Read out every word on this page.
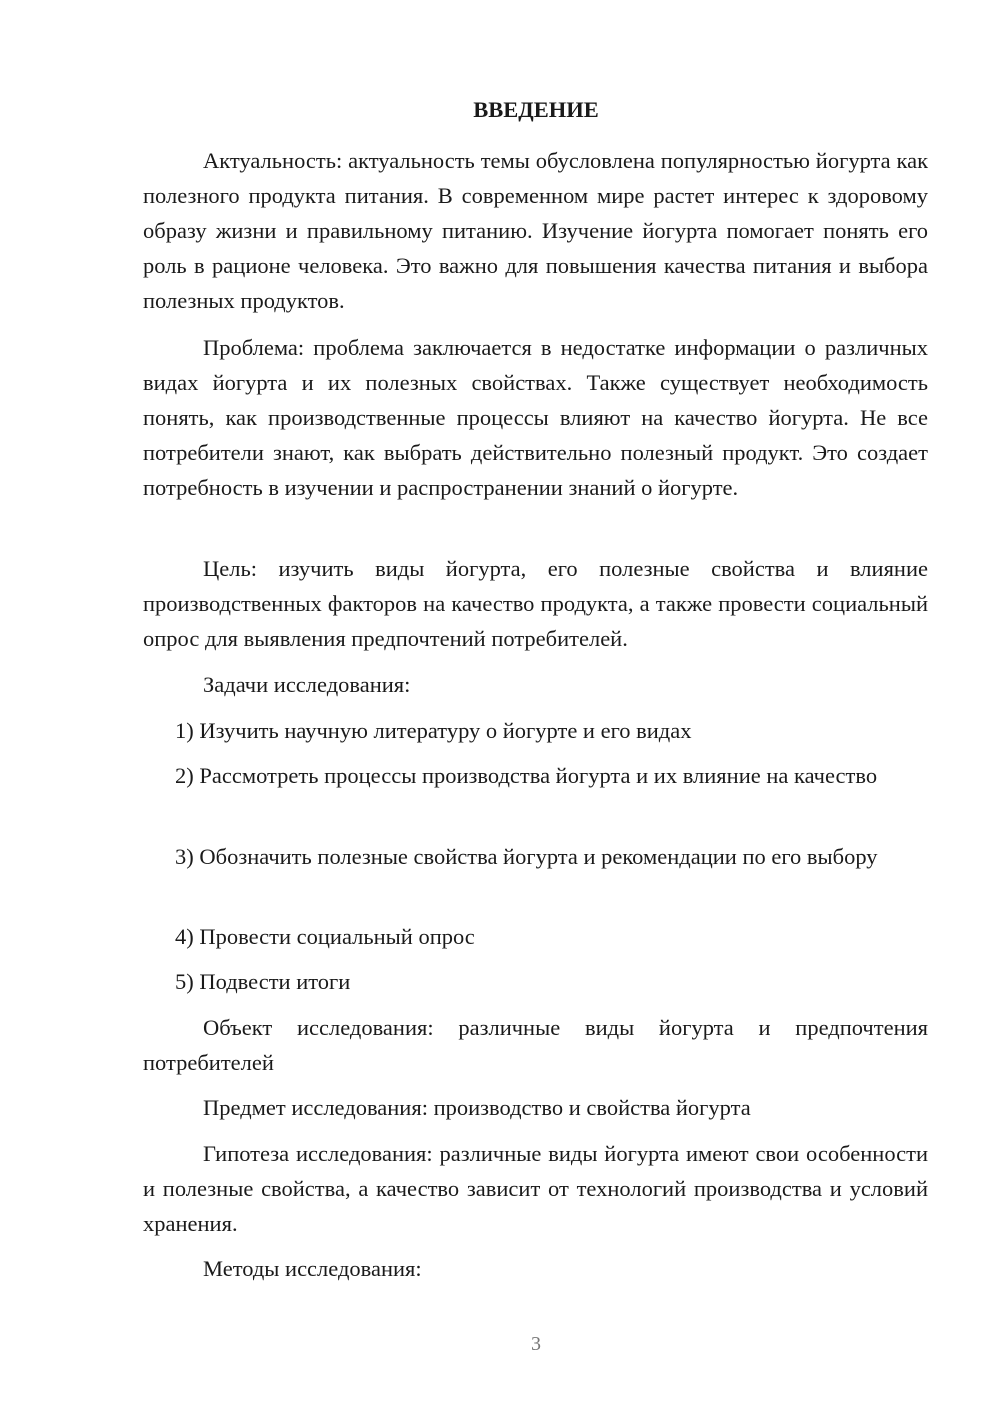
ВВЕДЕНИЕ

Актуальность: актуальность темы обусловлена популярностью йогурта как полезного продукта питания. В современном мире растет интерес к здоровому образу жизни и правильному питанию. Изучение йогурта помогает понять его роль в рационе человека. Это важно для повышения качества питания и выбора полезных продуктов.

Проблема: проблема заключается в недостатке информации о различных видах йогурта и их полезных свойствах. Также существует необходимость понять, как производственные процессы влияют на качество йогурта. Не все потребители знают, как выбрать действительно полезный продукт. Это создает потребность в изучении и распространении знаний о йогурте.

Цель: изучить виды йогурта, его полезные свойства и влияние производственных факторов на качество продукта, а также провести социальный опрос для выявления предпочтений потребителей.

Задачи исследования:

1) Изучить научную литературу о йогурте и его видах

2) Рассмотреть процессы производства йогурта и их влияние на качество

3) Обозначить полезные свойства йогурта и рекомендации по его выбору

4) Провести социальный опрос

5) Подвести итоги

Объект исследования: различные виды йогурта и предпочтения потребителей

Предмет исследования: производство и свойства йогурта

Гипотеза исследования: различные виды йогурта имеют свои особенности и полезные свойства, а качество зависит от технологий производства и условий хранения.

Методы исследования:

3
